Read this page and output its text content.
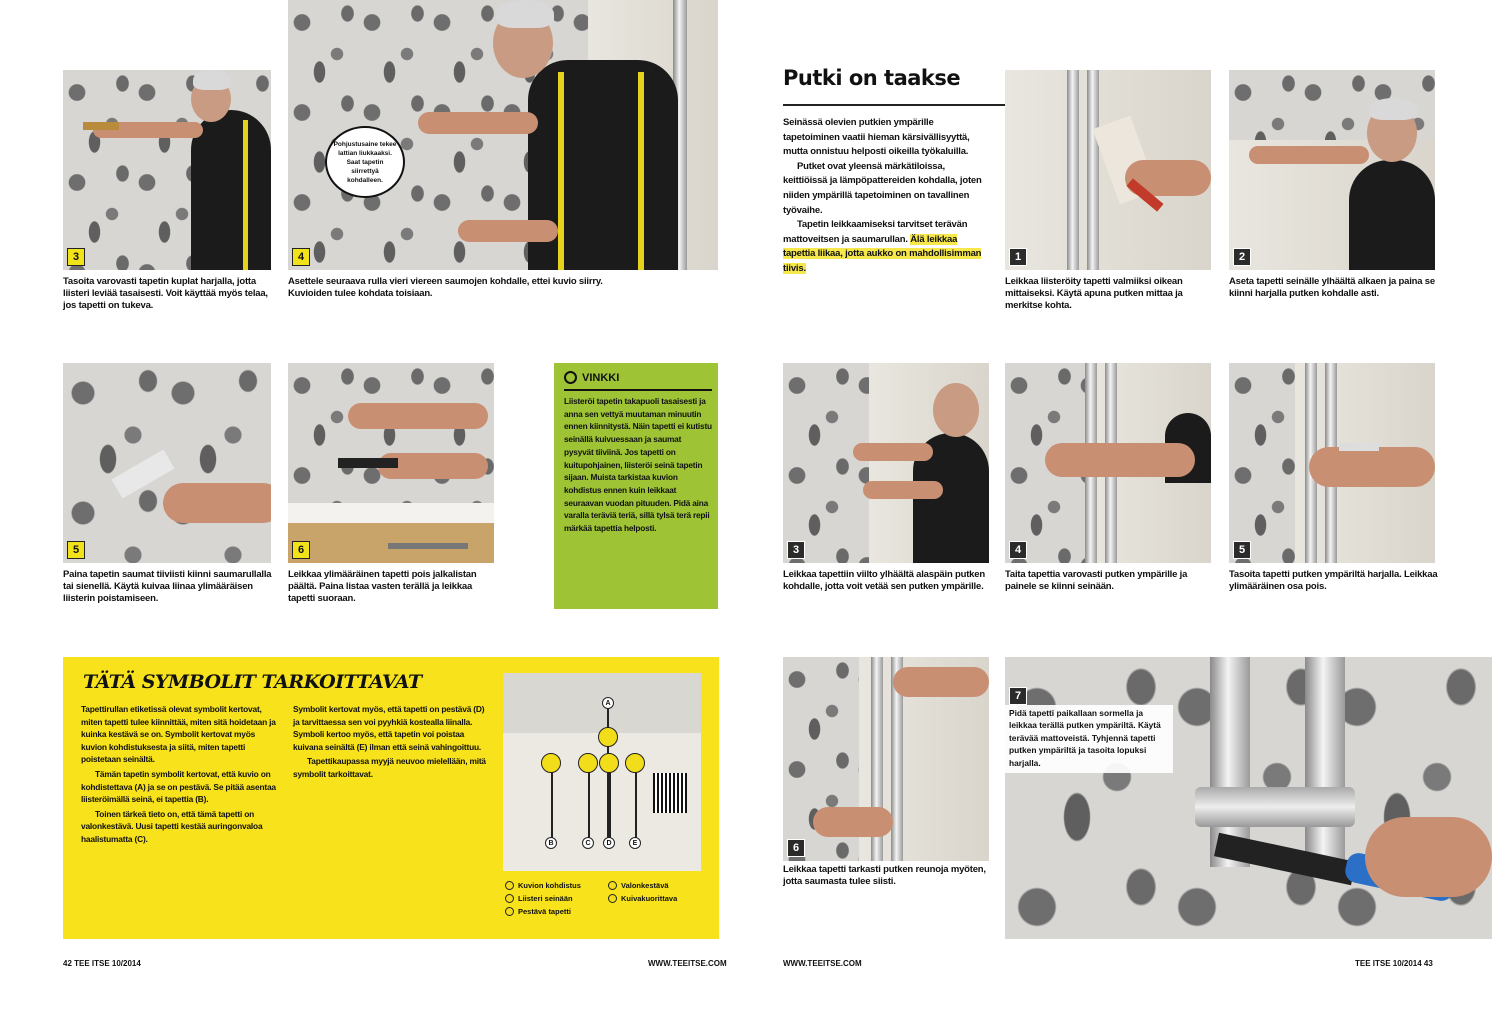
3
Tasoita varovasti tapetin kuplat harjalla, jotta liisteri leviää tasaisesti. Voit käyttää myös telaa, jos tapetti on tukeva.
4
Pohjustusaine tekee lattian liukkaaksi. Saat tapetin siirrettyä kohdalleen.
Asettele seuraava rulla vieri viereen saumojen kohdalle, ettei kuvio siirry. Kuvioiden tulee kohdata toisiaan.
5
Paina tapetin saumat tiiviisti kiinni saumarullalla tai sienellä. Käytä kuivaa liinaa ylimääräisen liisterin poistamiseen.
6
Leikkaa ylimääräinen tapetti pois jalkalistan päältä. Paina listaa vasten terällä ja leikkaa tapetti suoraan.
VINKKI
Liisteröi tapetin takapuoli tasaisesti ja anna sen vettyä muutaman minuutin ennen kiinnitystä. Näin tapetti ei kutistu seinällä kuivuessaan ja saumat pysyvät tiiviinä. Jos tapetti on kuitupohjainen, liisteröi seinä tapetin sijaan. Muista tarkistaa kuvion kohdistus ennen kuin leikkaat seuraavan vuodan pituuden. Pidä aina varalla teräviä teriä, sillä tylsä terä repii märkää tapettia helposti.
TÄTÄ SYMBOLIT TARKOITTAVAT
Tapettirullan etiketissä olevat symbolit kertovat, miten tapetti tulee kiinnittää, miten sitä hoidetaan ja kuinka kestävä se on. Symbolit kertovat myös kuvion kohdistuksesta ja siitä, miten tapetti poistetaan seinältä.
Tämän tapetin symbolit kertovat, että kuvio on kohdistettava (A) ja se on pestävä. Se pitää asentaa liisteröimällä seinä, ei tapettia (B).
Toinen tärkeä tieto on, että tämä tapetti on valonkestävä. Uusi tapetti kestää auringonvaloa haalistumatta (C).
Symbolit kertovat myös, että tapetti on pestävä (D) ja tarvittaessa sen voi pyyhkiä kostealla liinalla. Symboli kertoo myös, että tapetin voi poistaa kuivana seinältä (E) ilman että seinä vahingoittuu.
Tapettikaupassa myyjä neuvoo mielellään, mitä symbolit tarkoittavat.
A
B	C	D	E
Kuvion kohdistus
Liisteri seinään
Pestävä tapetti
Valonkestävä
Kuivakuorittava
42 TEE ITSE 10/2014	WWW.TEEITSE.COM
Putki on taakse
Seinässä olevien putkien ympärille tapetoiminen vaatii hieman kärsivällisyyttä, mutta onnistuu helposti oikeilla työkaluilla.
Putket ovat yleensä märkätiloissa, keittiöissä ja lämpöpattereiden kohdalla, joten niiden ympärillä tapetoiminen on tavallinen työvaihe.
Tapetin leikkaamiseksi tarvitset terävän mattoveitsen ja saumarullan. Älä leikkaa tapettia liikaa, jotta aukko on mahdollisimman tiivis.
1
Leikkaa liisteröity tapetti valmiiksi oikean mittaiseksi. Käytä apuna putken mittaa ja merkitse kohta.
2
Aseta tapetti seinälle ylhäältä alkaen ja paina se kiinni harjalla putken kohdalle asti.
3
Leikkaa tapettiin viilto ylhäältä alaspäin putken kohdalle, jotta voit vetää sen putken ympärille.
4
Taita tapettia varovasti putken ympärille ja painele se kiinni seinään.
5
Tasoita tapetti putken ympäriltä harjalla. Leikkaa ylimääräinen osa pois.
6
Leikkaa tapetti tarkasti putken reunoja myöten, jotta saumasta tulee siisti.
7
Pidä tapetti paikallaan sormella ja leikkaa terällä putken ympäriltä. Käytä terävää mattoveistä. Tyhjennä tapetti putken ympäriltä ja tasoita lopuksi harjalla.
WWW.TEEITSE.COM	TEE ITSE 10/2014 43
